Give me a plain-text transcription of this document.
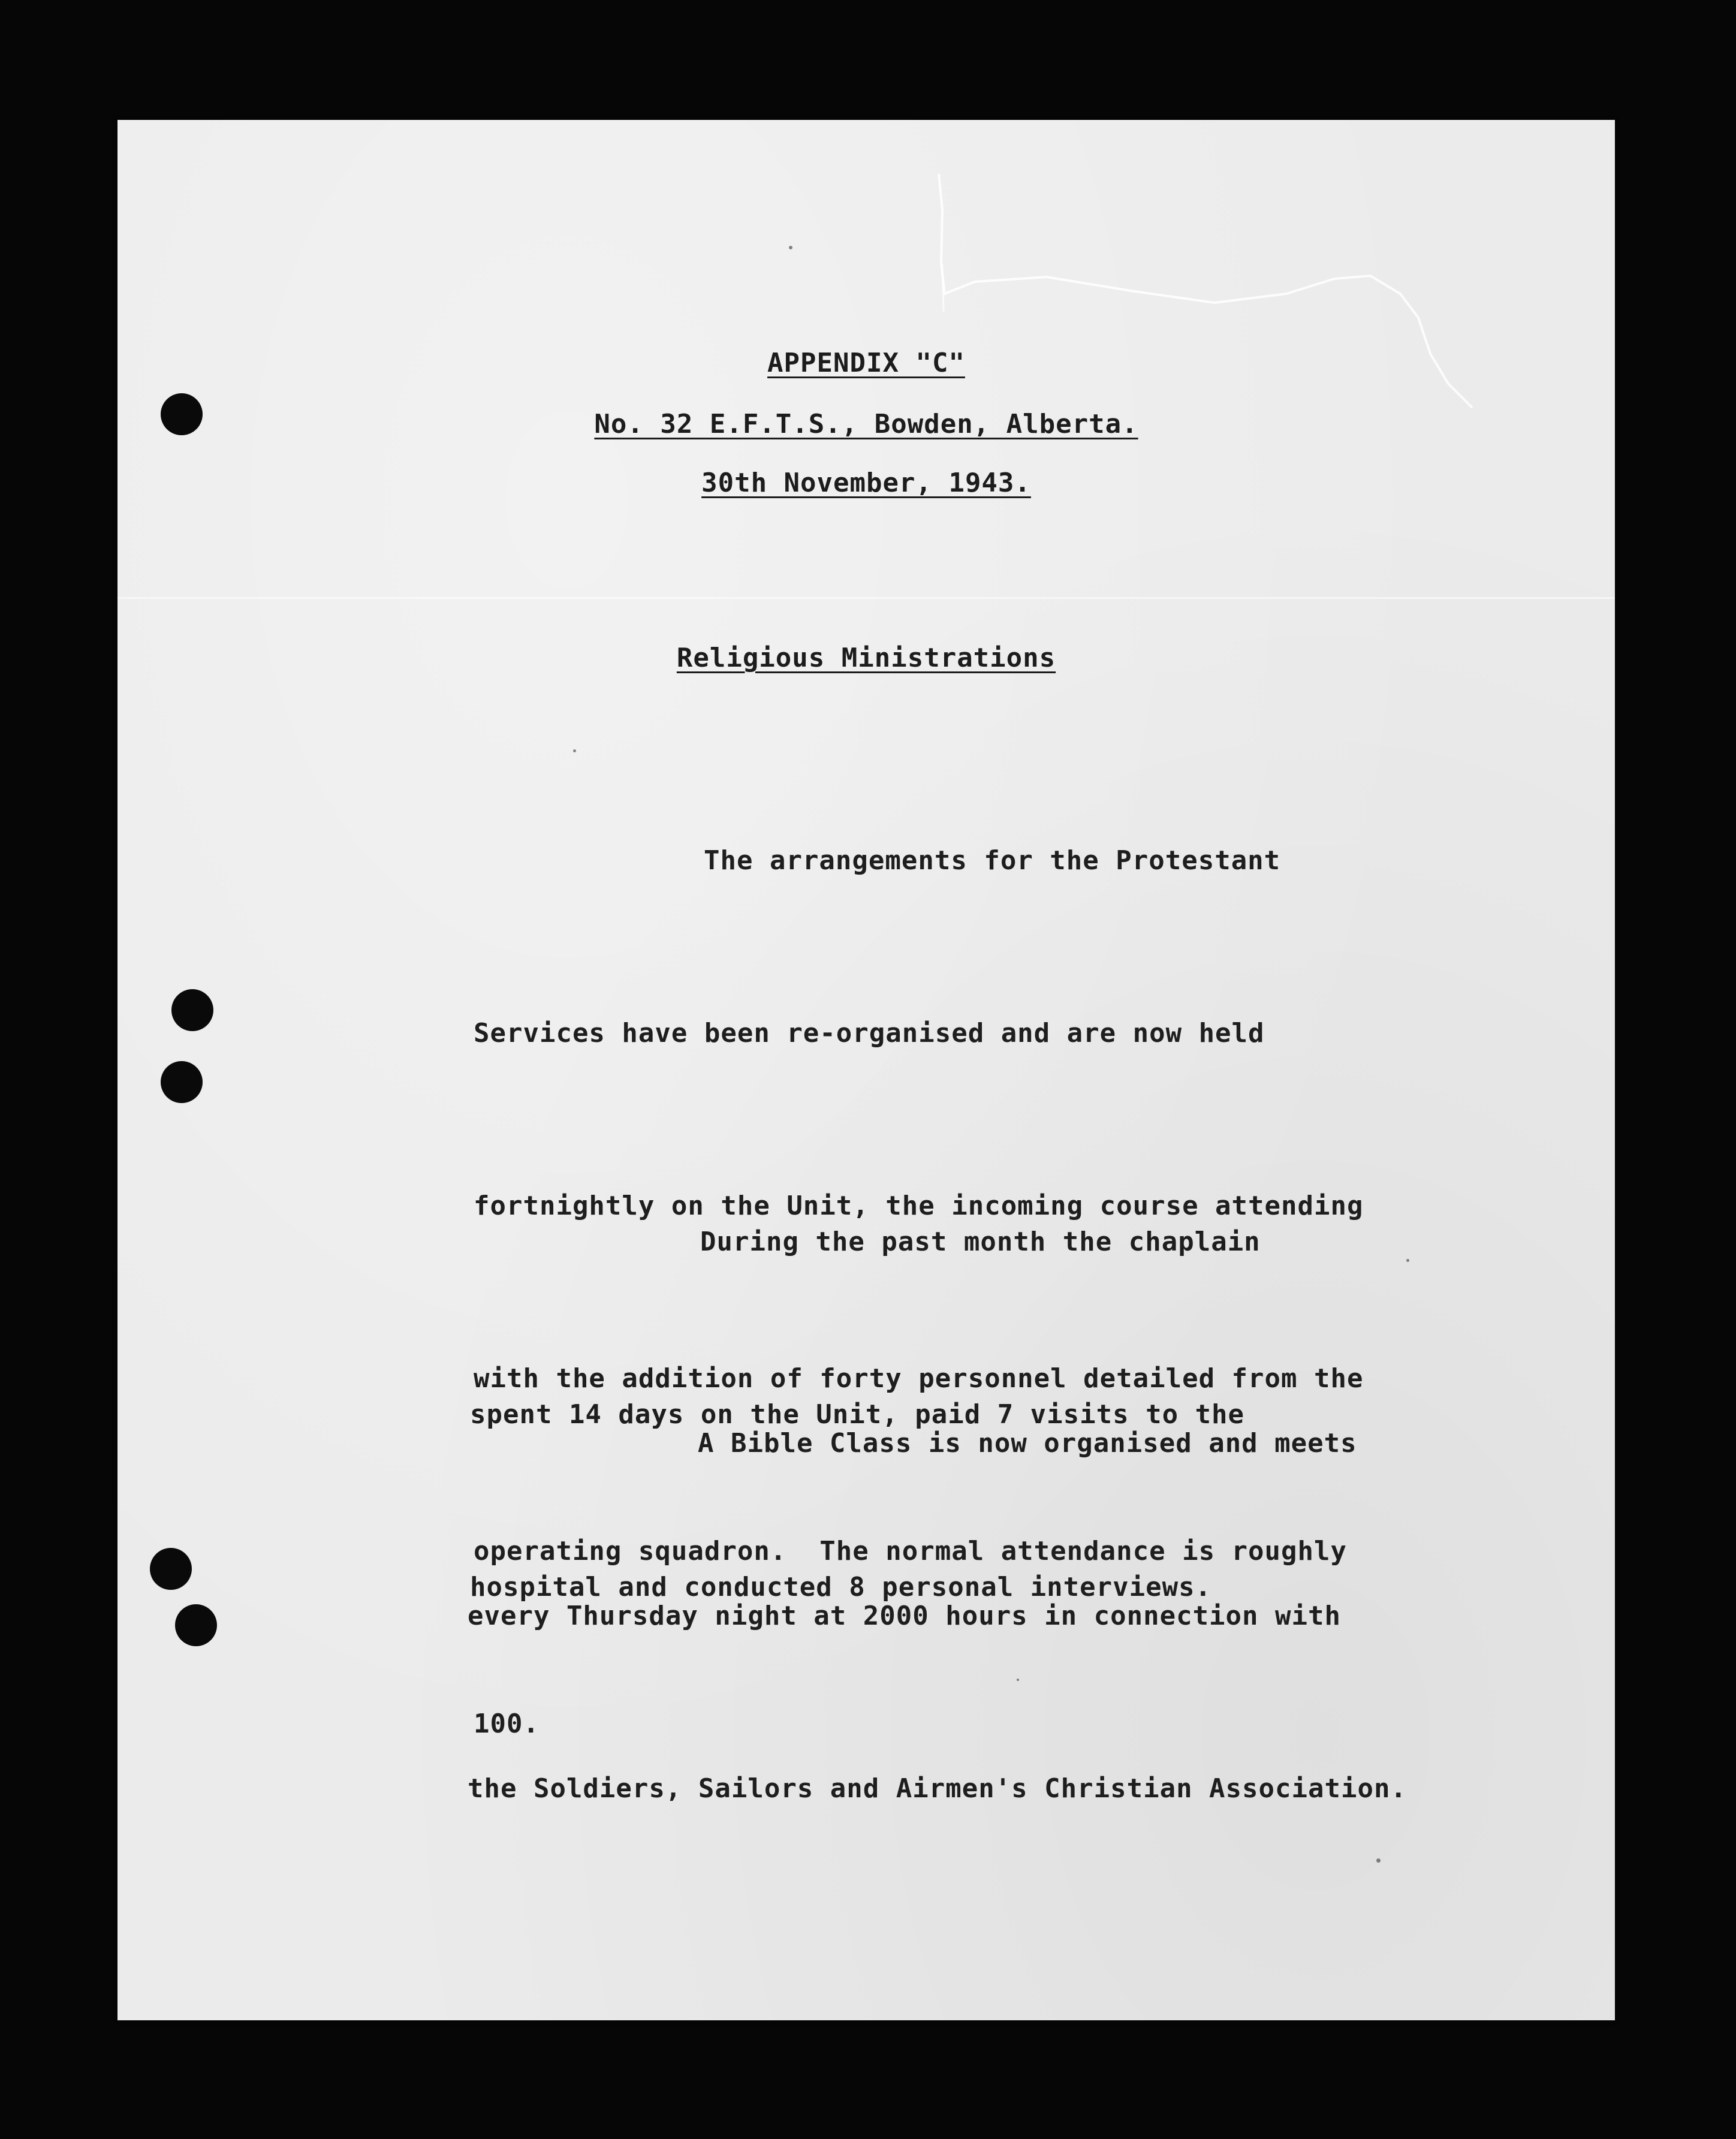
APPENDIX "C"
No. 32 E.F.T.S., Bowden, Alberta.
30th November, 1943.
Religious Ministrations

The arrangements for the Protestant

Services have been re-organised and are now held

fortnightly on the Unit, the incoming course attending

with the addition of forty personnel detailed from the

operating squadron.  The normal attendance is roughly

100.

During the past month the chaplain

spent 14 days on the Unit, paid 7 visits to the

hospital and conducted 8 personal interviews.

A Bible Class is now organised and meets

every Thursday night at 2000 hours in connection with

the Soldiers, Sailors and Airmen's Christian Association.
